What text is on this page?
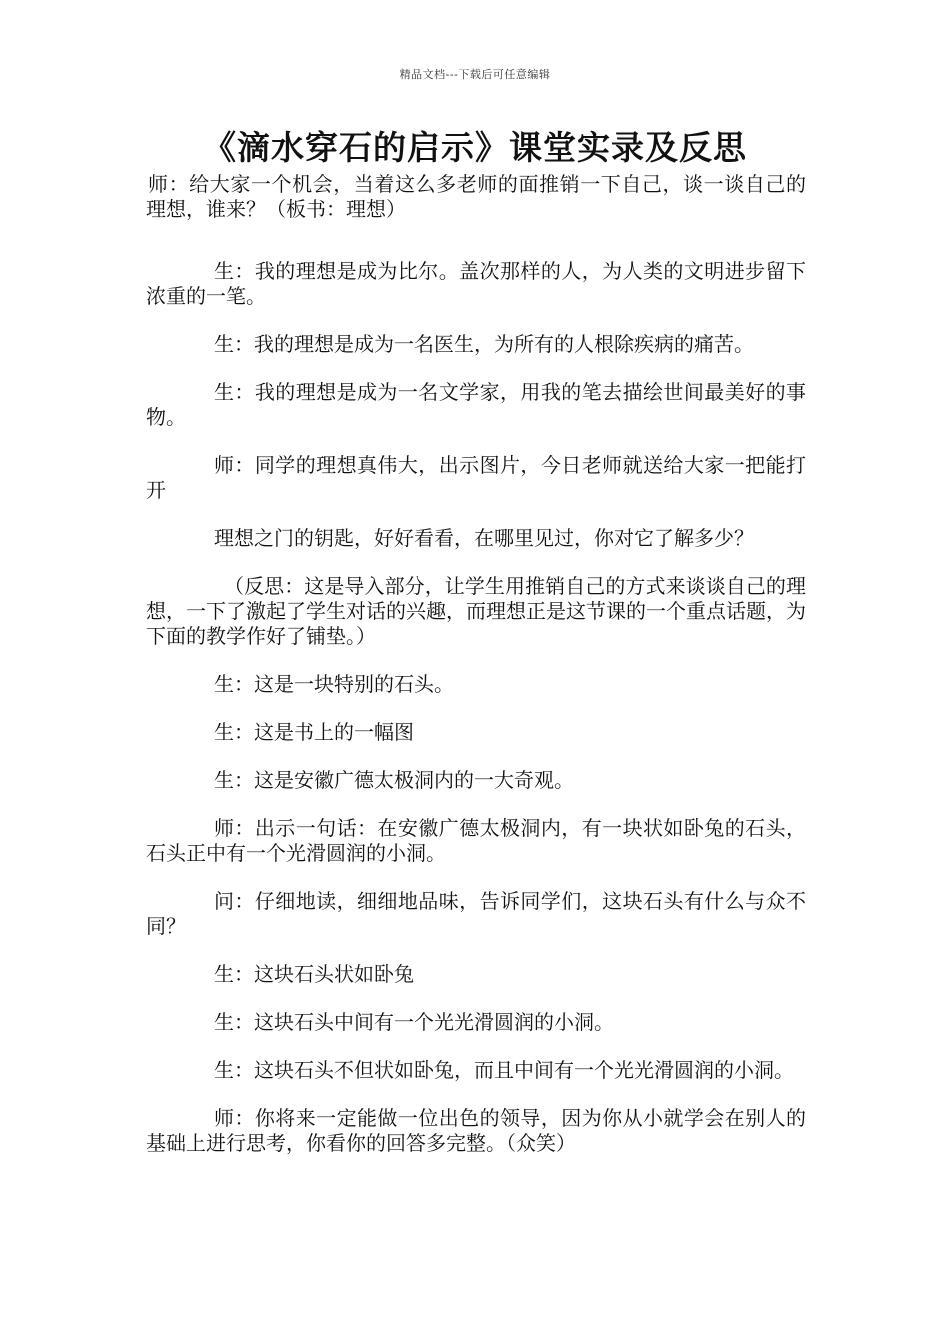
精品文档---下载后可任意编辑
《滴水穿石的启示》课堂实录及反思

师：给大家一个机会，当着这么多老师的面推销一下自己，谈一谈自己的理想，谁来？（板书：理想）

生：我的理想是成为比尔。盖次那样的人，为人类的文明进步留下浓重的一笔。

生：我的理想是成为一名医生，为所有的人根除疾病的痛苦。

生：我的理想是成为一名文学家，用我的笔去描绘世间最美好的事物。

师：同学的理想真伟大，出示图片，今日老师就送给大家一把能打开

理想之门的钥匙，好好看看，在哪里见过，你对它了解多少？

（反思：这是导入部分，让学生用推销自己的方式来谈谈自己的理想，一下了激起了学生对话的兴趣，而理想正是这节课的一个重点话题，为下面的教学作好了铺垫。）

生：这是一块特别的石头。

生：这是书上的一幅图

生：这是安徽广德太极洞内的一大奇观。

师：出示一句话：在安徽广德太极洞内，有一块状如卧兔的石头，石头正中有一个光滑圆润的小洞。

问：仔细地读，细细地品味，告诉同学们，这块石头有什么与众不同？

生：这块石头状如卧兔

生：这块石头中间有一个光光滑圆润的小洞。

生：这块石头不但状如卧兔，而且中间有一个光光滑圆润的小洞。

师：你将来一定能做一位出色的领导，因为你从小就学会在别人的基础上进行思考，你看你的回答多完整。（众笑）
